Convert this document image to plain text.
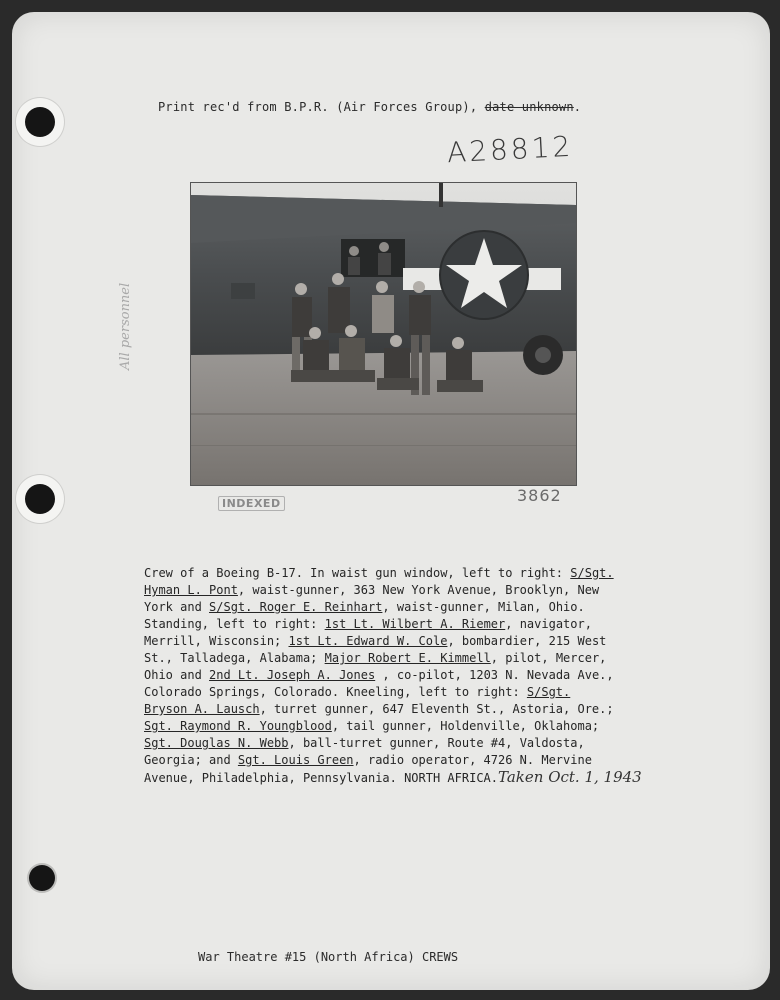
Print rec'd from B.P.R. (Air Forces Group), date unknown.
A28812
All personnel
INDEXED	3862
Crew of a Boeing B-17. In waist gun window, left to right: S/Sgt.
Hyman L. Pont, waist-gunner, 363 New York Avenue, Brooklyn, New
York and S/Sgt. Roger E. Reinhart, waist-gunner, Milan, Ohio.
Standing, left to right: 1st Lt. Wilbert A. Riemer, navigator,
Merrill, Wisconsin; 1st Lt. Edward W. Cole, bombardier, 215 West
St., Talladega, Alabama; Major Robert E. Kimmell, pilot, Mercer,
Ohio and 2nd Lt. Joseph A. Jones , co-pilot, 1203 N. Nevada Ave.,
Colorado Springs, Colorado. Kneeling, left to right: S/Sgt.
Bryson A. Lausch, turret gunner, 647 Eleventh St., Astoria, Ore.;
Sgt. Raymond R. Youngblood, tail gunner, Holdenville, Oklahoma;
Sgt. Douglas N. Webb, ball-turret gunner, Route #4, Valdosta,
Georgia; and Sgt. Louis Green, radio operator, 4726 N. Mervine
Avenue, Philadelphia, Pennsylvania. NORTH AFRICA.Taken Oct. 1, 1943
War Theatre #15 (North Africa) CREWS
